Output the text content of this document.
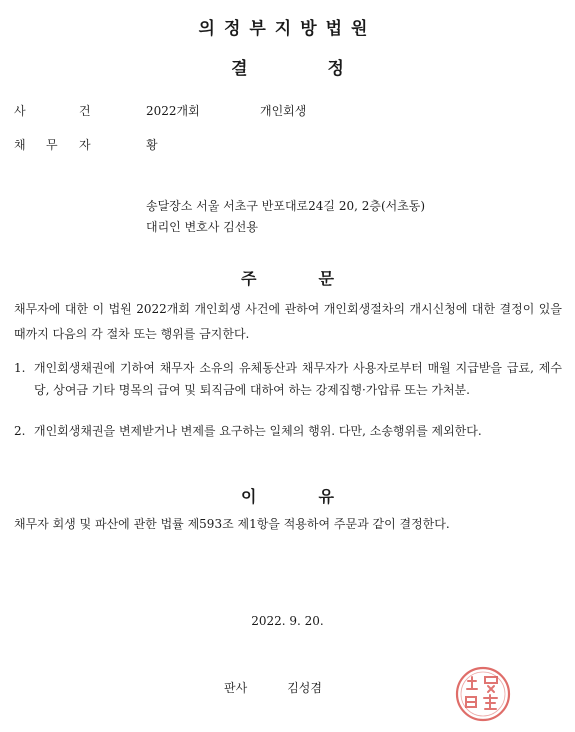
의정부지방법원
결	정
사	건	2022개회	개인회생
채 무 자	황
송달장소 서울 서초구 반포대로24길 20, 2층(서초동)
대리인 변호사 김선용
주	문
채무자에 대한 이 법원 2022개회 개인회생 사건에 관하여 개인회생절차의 개시신청에 대한 결정이 있을 때까지 다음의 각 절차 또는 행위를 금지한다.
1. 개인회생채권에 기하여 채무자 소유의 유체동산과 채무자가 사용자로부터 매월 지급받을 급료, 제수당, 상여금 기타 명목의 급여 및 퇴직금에 대하여 하는 강제집행·가압류 또는 가처분.
2. 개인회생채권을 변제받거나 변제를 요구하는 일체의 행위. 다만, 소송행위를 제외한다.
이	유
채무자 회생 및 파산에 관한 법률 제593조 제1항을 적용하여 주문과 같이 결정한다.
2022. 9. 20.
판사	김성겸
